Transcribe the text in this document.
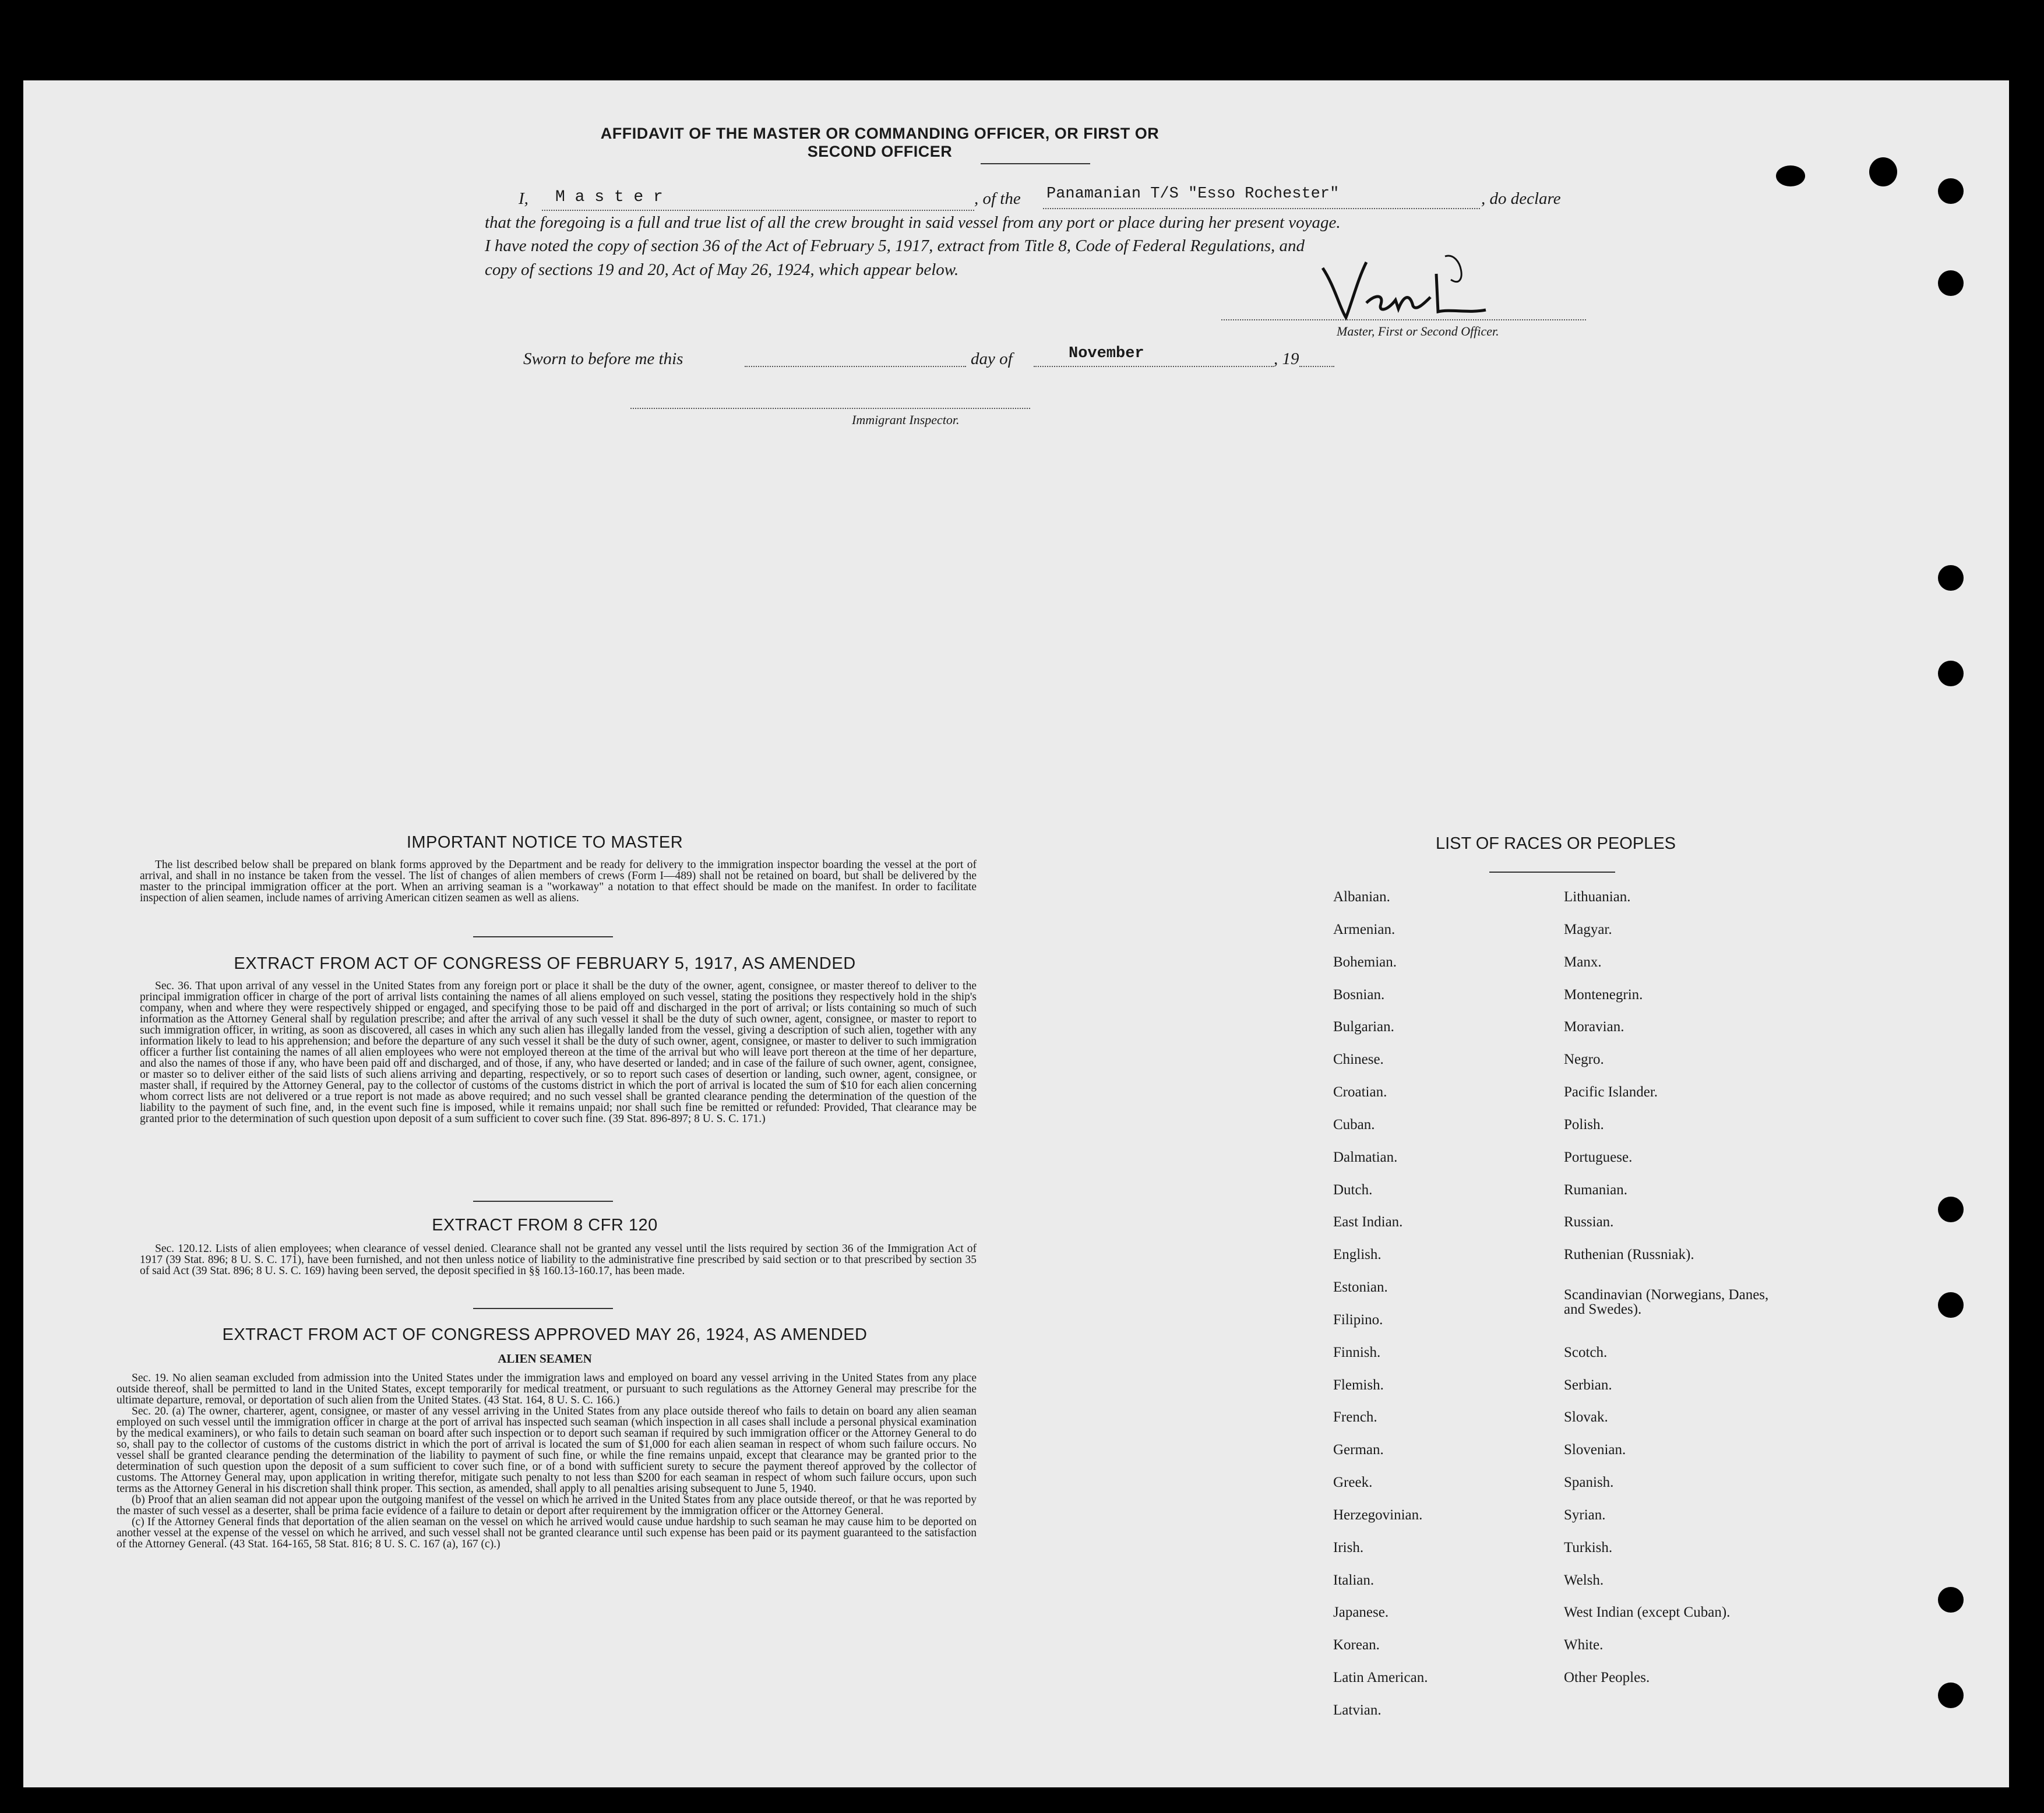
AFFIDAVIT OF THE MASTER OR COMMANDING OFFICER, OR FIRST OR SECOND OFFICER
I, M a s t e r	, of the Panamanian T/S "Esso Rochester"	, do declare
that the foregoing is a full and true list of all the crew brought in said vessel from any port or place during her present voyage.
I have noted the copy of section 36 of the Act of February 5, 1917, extract from Title 8, Code of Federal Regulations, and
copy of sections 19 and 20, Act of May 26, 1924, which appear below.
Master, First or Second Officer.
Sworn to before me this	day of	November	, 19
Immigrant Inspector.
IMPORTANT NOTICE TO MASTER

The list described below shall be prepared on blank forms approved by the Department and be ready for delivery to the immigration inspector boarding the vessel at the port of arrival, and shall in no instance be taken from the vessel. The list of changes of alien members of crews (Form I—489) shall not be retained on board, but shall be delivered by the master to the principal immigration officer at the port. When an arriving seaman is a "workaway" a notation to that effect should be made on the manifest. In order to facilitate inspection of alien seamen, include names of arriving American citizen seamen as well as aliens.

EXTRACT FROM ACT OF CONGRESS OF FEBRUARY 5, 1917, AS AMENDED

Sec. 36. That upon arrival of any vessel in the United States from any foreign port or place it shall be the duty of the owner, agent, consignee, or master thereof to deliver to the principal immigration officer in charge of the port of arrival lists containing the names of all aliens employed on such vessel, stating the positions they respectively hold in the ship's company, when and where they were respectively shipped or engaged, and specifying those to be paid off and discharged in the port of arrival; or lists containing so much of such information as the Attorney General shall by regulation prescribe; and after the arrival of any such vessel it shall be the duty of such owner, agent, consignee, or master to report to such immigration officer, in writing, as soon as discovered, all cases in which any such alien has illegally landed from the vessel, giving a description of such alien, together with any information likely to lead to his apprehension; and before the departure of any such vessel it shall be the duty of such owner, agent, consignee, or master to deliver to such immigration officer a further list containing the names of all alien employees who were not employed thereon at the time of the arrival but who will leave port thereon at the time of her departure, and also the names of those if any, who have been paid off and discharged, and of those, if any, who have deserted or landed; and in case of the failure of such owner, agent, consignee, or master so to deliver either of the said lists of such aliens arriving and departing, respectively, or so to report such cases of desertion or landing, such owner, agent, consignee, or master shall, if required by the Attorney General, pay to the collector of customs of the customs district in which the port of arrival is located the sum of $10 for each alien concerning whom correct lists are not delivered or a true report is not made as above required; and no such vessel shall be granted clearance pending the determination of the question of the liability to the payment of such fine, and, in the event such fine is imposed, while it remains unpaid; nor shall such fine be remitted or refunded: Provided, That clearance may be granted prior to the determination of such question upon deposit of a sum sufficient to cover such fine. (39 Stat. 896-897; 8 U. S. C. 171.)

EXTRACT FROM 8 CFR 120

Sec. 120.12. Lists of alien employees; when clearance of vessel denied. Clearance shall not be granted any vessel until the lists required by section 36 of the Immigration Act of 1917 (39 Stat. 896; 8 U. S. C. 171), have been furnished, and not then unless notice of liability to the administrative fine prescribed by said section or to that prescribed by section 35 of said Act (39 Stat. 896; 8 U. S. C. 169) having been served, the deposit specified in §§ 160.13-160.17, has been made.

EXTRACT FROM ACT OF CONGRESS APPROVED MAY 26, 1924, AS AMENDED
ALIEN SEAMEN

Sec. 19. No alien seaman excluded from admission into the United States under the immigration laws and employed on board any vessel arriving in the United States from any place outside thereof, shall be permitted to land in the United States, except temporarily for medical treatment, or pursuant to such regulations as the Attorney General may prescribe for the ultimate departure, removal, or deportation of such alien from the United States. (43 Stat. 164, 8 U. S. C. 166.)

Sec. 20. (a) The owner, charterer, agent, consignee, or master of any vessel arriving in the United States from any place outside thereof who fails to detain on board any alien seaman employed on such vessel until the immigration officer in charge at the port of arrival has inspected such seaman (which inspection in all cases shall include a personal physical examination by the medical examiners), or who fails to detain such seaman on board after such inspection or to deport such seaman if required by such immigration officer or the Attorney General to do so, shall pay to the collector of customs of the customs district in which the port of arrival is located the sum of $1,000 for each alien seaman in respect of whom such failure occurs. No vessel shall be granted clearance pending the determination of the liability to payment of such fine, or while the fine remains unpaid, except that clearance may be granted prior to the determination of such question upon the deposit of a sum sufficient to cover such fine, or of a bond with sufficient surety to secure the payment thereof approved by the collector of customs. The Attorney General may, upon application in writing therefor, mitigate such penalty to not less than $200 for each seaman in respect of whom such failure occurs, upon such terms as the Attorney General in his discretion shall think proper. This section, as amended, shall apply to all penalties arising subsequent to June 5, 1940.

(b) Proof that an alien seaman did not appear upon the outgoing manifest of the vessel on which he arrived in the United States from any place outside thereof, or that he was reported by the master of such vessel as a deserter, shall be prima facie evidence of a failure to detain or deport after requirement by the immigration officer or the Attorney General.

(c) If the Attorney General finds that deportation of the alien seaman on the vessel on which he arrived would cause undue hardship to such seaman he may cause him to be deported on another vessel at the expense of the vessel on which he arrived, and such vessel shall not be granted clearance until such expense has been paid or its payment guaranteed to the satisfaction of the Attorney General. (43 Stat. 164-165, 58 Stat. 816; 8 U. S. C. 167 (a), 167 (c).)

LIST OF RACES OR PEOPLES
Albanian.
Armenian.
Bohemian.
Bosnian.
Bulgarian.
Chinese.
Croatian.
Cuban.
Dalmatian.
Dutch.
East Indian.
English.
Estonian.
Filipino.
Finnish.
Flemish.
French.
German.
Greek.
Herzegovinian.
Irish.
Italian.
Japanese.
Korean.
Latin American.
Latvian.
Lithuanian.
Magyar.
Manx.
Montenegrin.
Moravian.
Negro.
Pacific Islander.
Polish.
Portuguese.
Rumanian.
Russian.
Ruthenian (Russniak).
Scandinavian (Norwegians, Danes, and Swedes).
Scotch.
Serbian.
Slovak.
Slovenian.
Spanish.
Syrian.
Turkish.
Welsh.
West Indian (except Cuban).
White.
Other Peoples.
